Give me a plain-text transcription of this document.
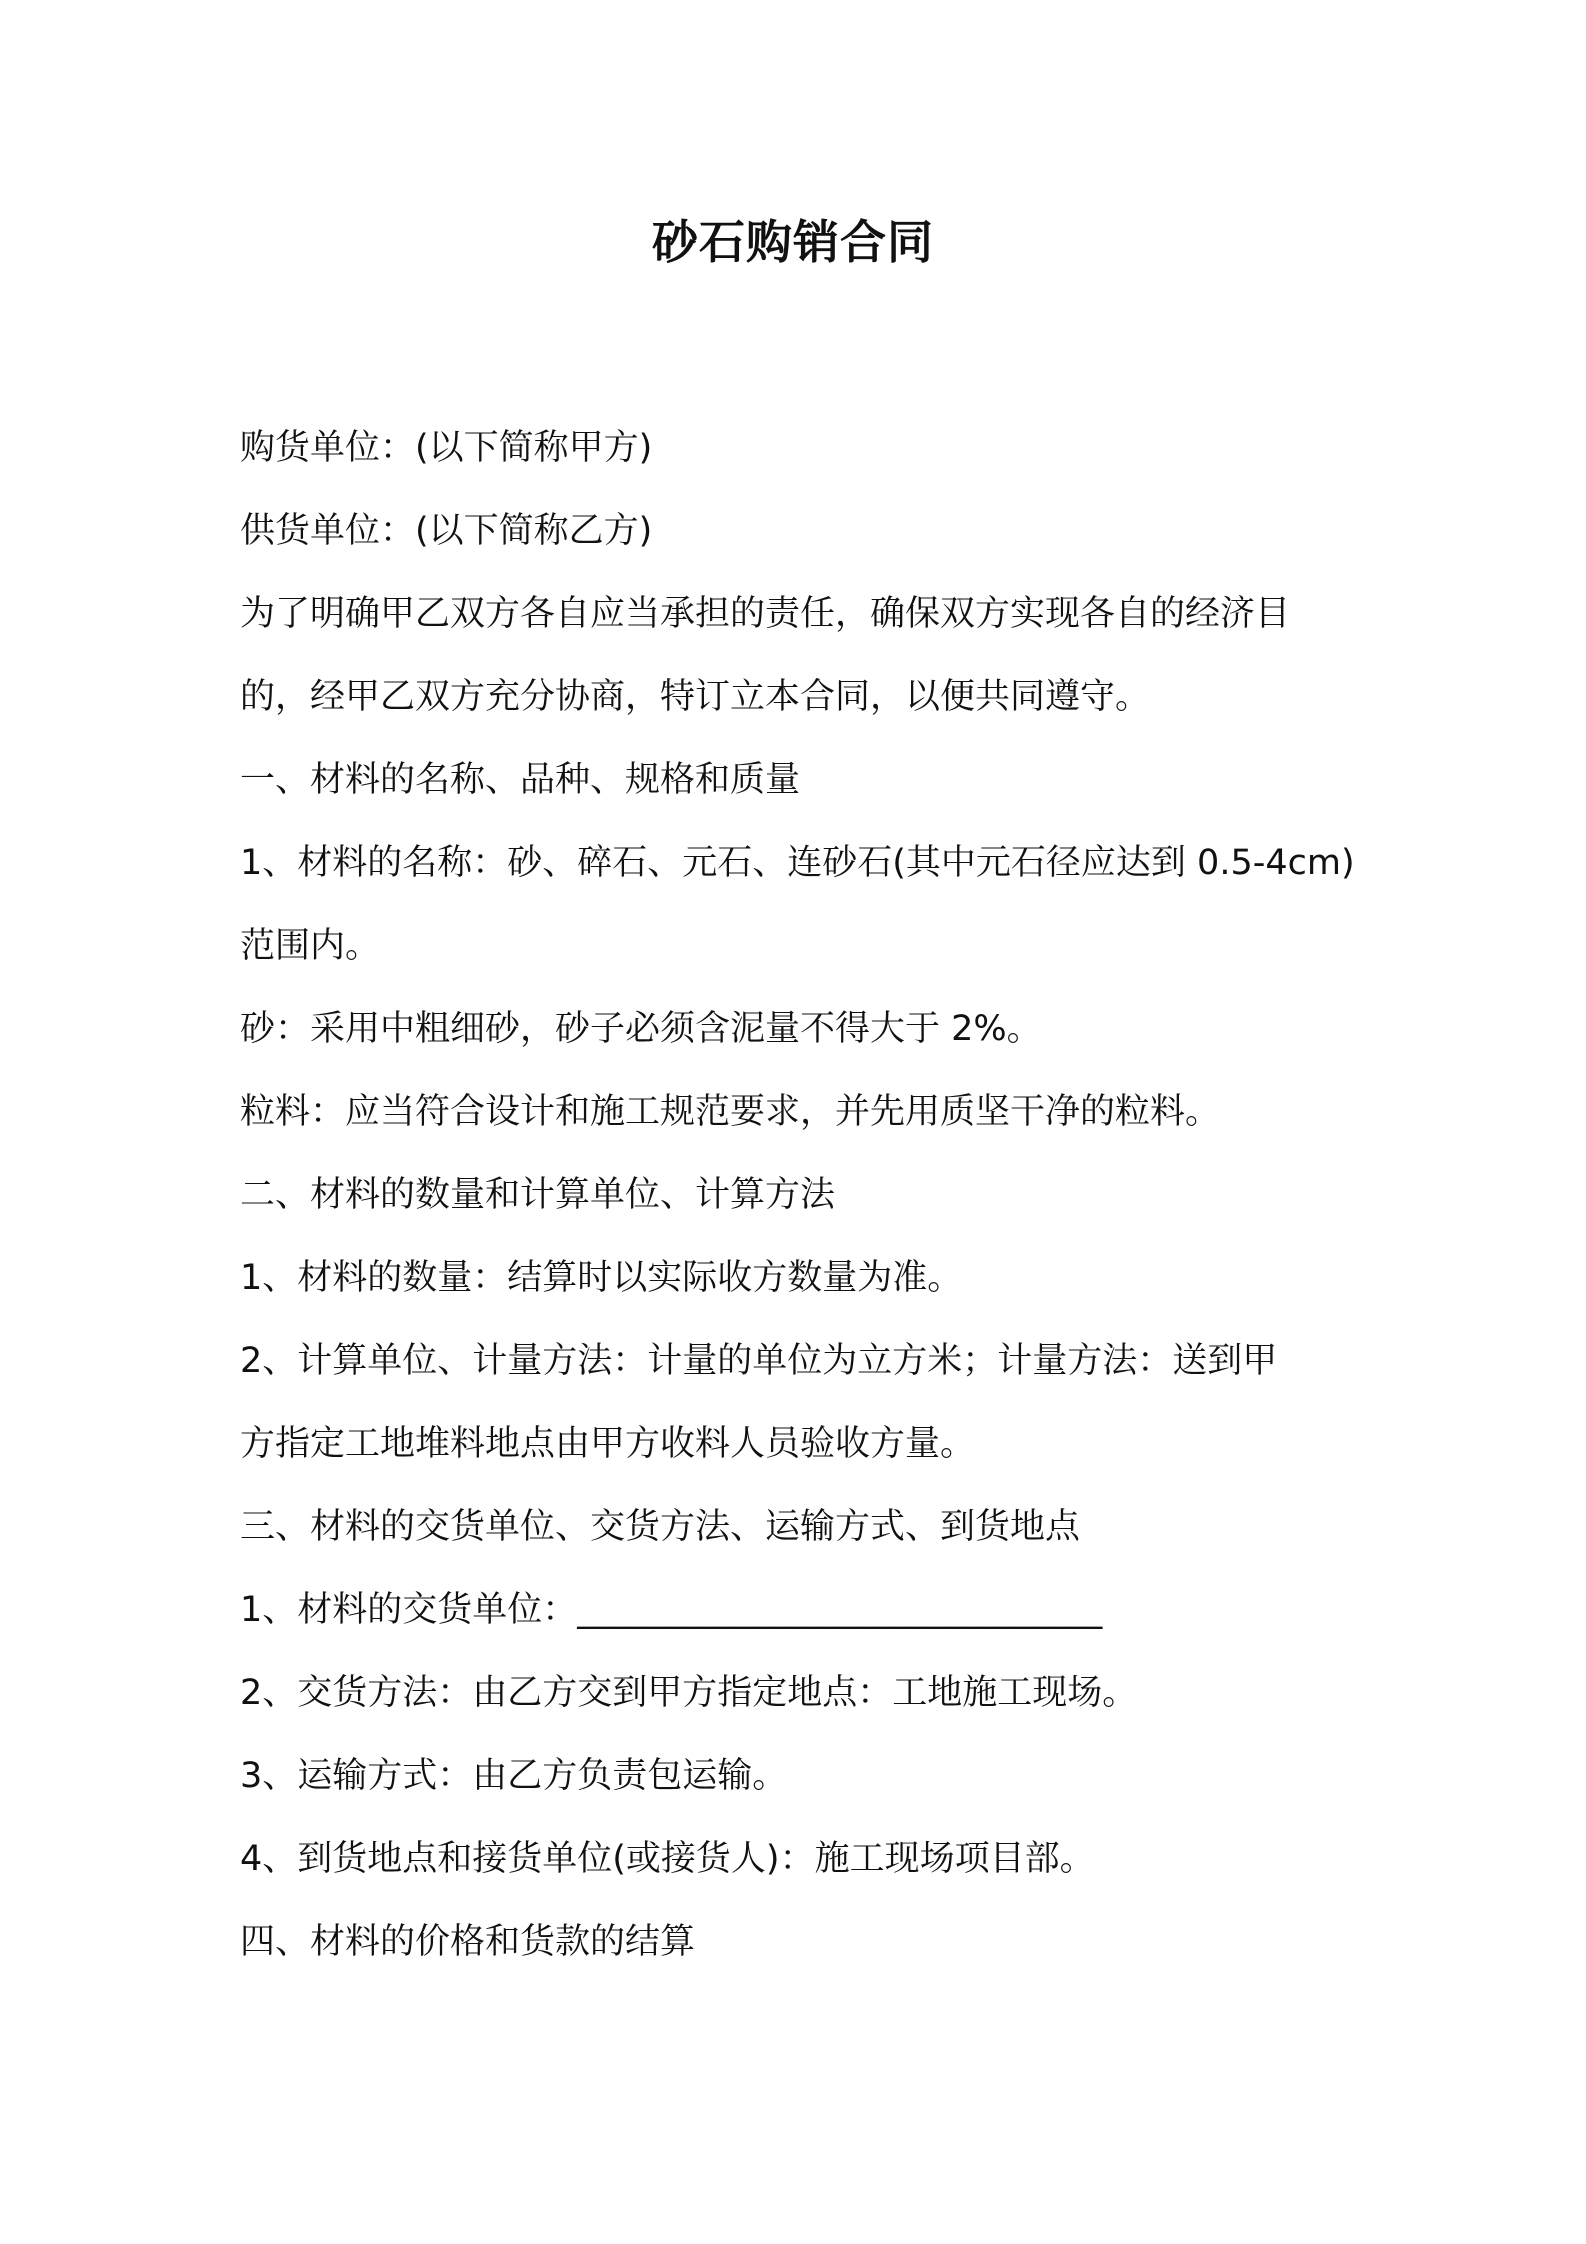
砂石购销合同
购货单位：(以下简称甲方)
供货单位：(以下简称乙方)
为了明确甲乙双方各自应当承担的责任，确保双方实现各自的经济目
的，经甲乙双方充分协商，特订立本合同，以便共同遵守。
一、材料的名称、品种、规格和质量
1、材料的名称：砂、碎石、元石、连砂石(其中元石径应达到 0.5-4cm)
范围内。
砂：采用中粗细砂，砂子必须含泥量不得大于 2%。
粒料：应当符合设计和施工规范要求，并先用质坚干净的粒料。
二、材料的数量和计算单位、计算方法
1、材料的数量：结算时以实际收方数量为准。
2、计算单位、计量方法：计量的单位为立方米；计量方法：送到甲
方指定工地堆料地点由甲方收料人员验收方量。
三、材料的交货单位、交货方法、运输方式、到货地点
1、材料的交货单位：______________________________
2、交货方法：由乙方交到甲方指定地点：工地施工现场。
3、运输方式：由乙方负责包运输。
4、到货地点和接货单位(或接货人)：施工现场项目部。
四、材料的价格和货款的结算
